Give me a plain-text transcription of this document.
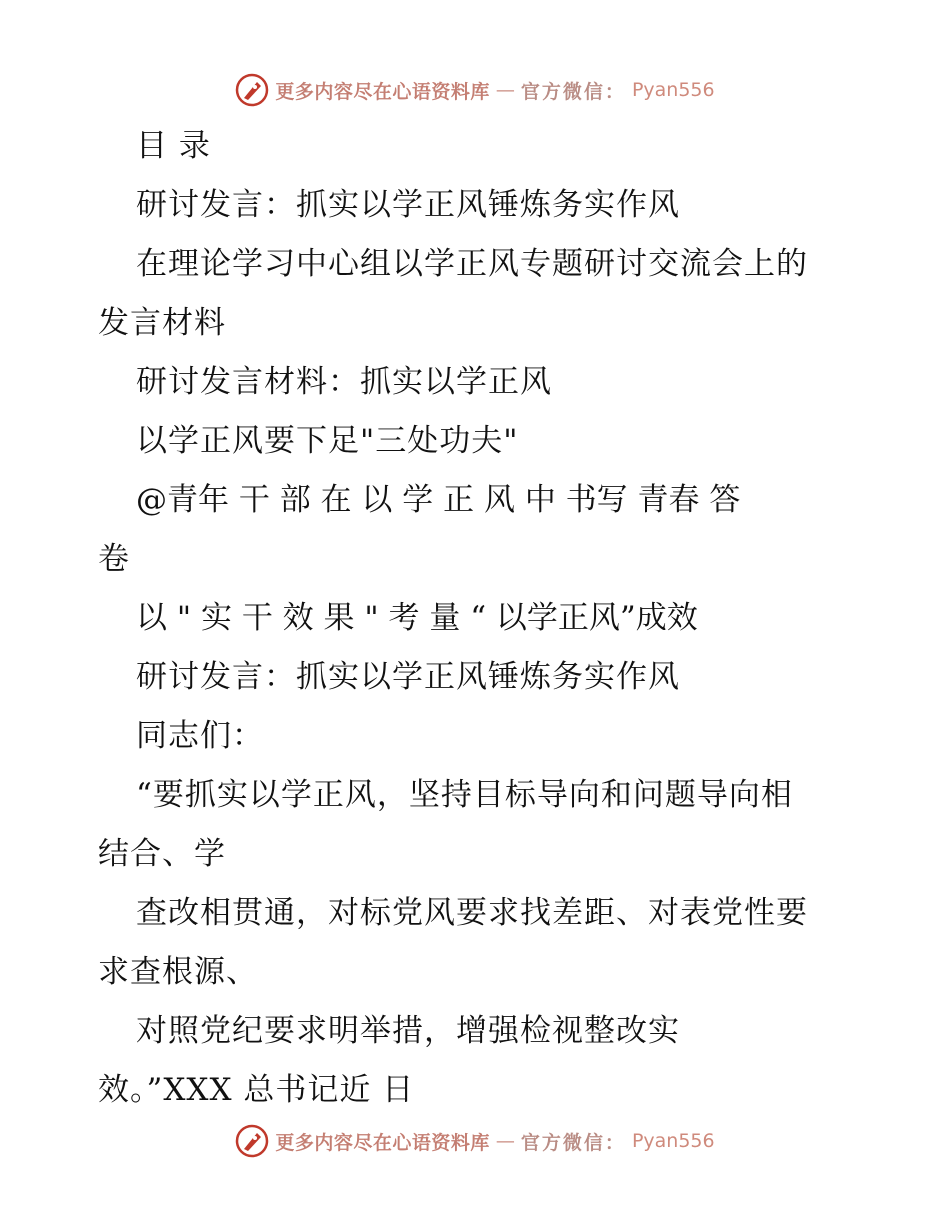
更多内容尽在心语资料库 — 官方微信： Pyan556
目 录
研讨发言：抓实以学正风锤炼务实作风
在理论学习中心组以学正风专题研讨交流会上的
发言材料
研讨发言材料：抓实以学正风
以学正风要下足"三处功夫"
@青年 干 部 在 以 学 正 风 中 书写 青春 答
卷
以 " 实 干 效 果 " 考 量 “ 以学正风”成效
研讨发言：抓实以学正风锤炼务实作风
同志们：
“要抓实以学正风，坚持目标导向和问题导向相
结合、学
查改相贯通，对标党风要求找差距、对表党性要
求查根源、
对照党纪要求明举措，增强检视整改实
效。”XXX 总书记近 日
更多内容尽在心语资料库 — 官方微信： Pyan556
